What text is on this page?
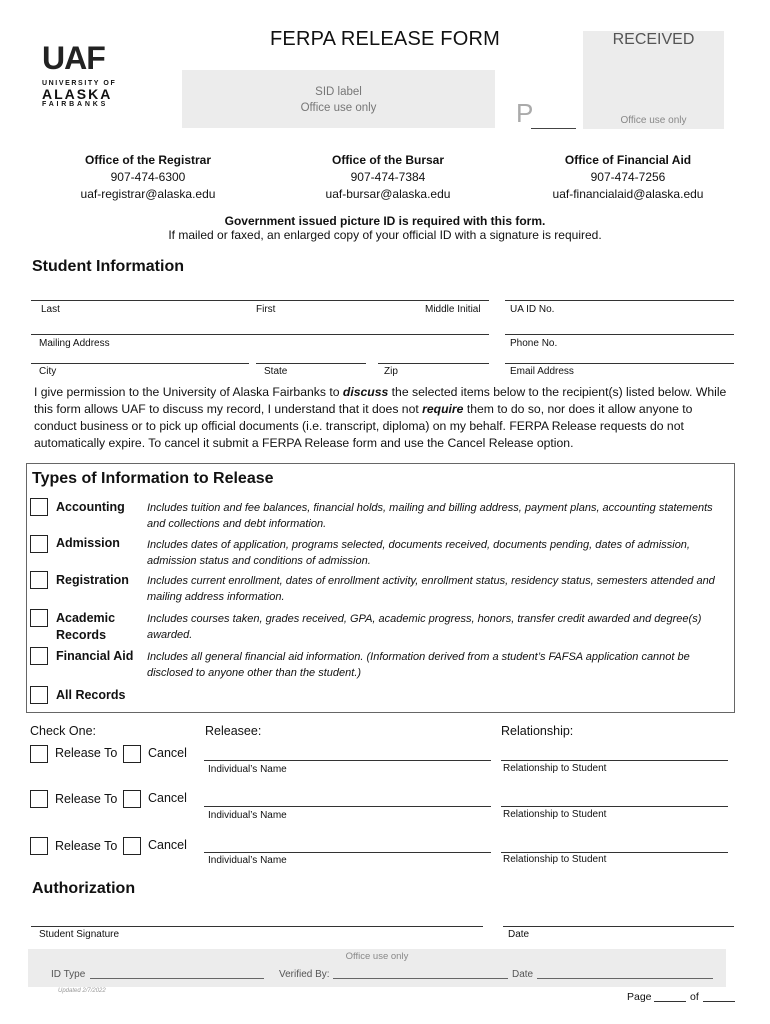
FERPA RELEASE FORM
UAF
UNIVERSITY OF
ALASKA
FAIRBANKS
SID label
Office use only	P
RECEIVED
Office use only
Office of the Registrar
907-474-6300
uaf-registrar@alaska.edu
Office of the Bursar
907-474-7384
uaf-bursar@alaska.edu
Office of Financial Aid
907-474-7256
uaf-financialaid@alaska.edu
Government issued picture ID is required with this form.
If mailed or faxed, an enlarged copy of your official ID with a signature is required.
Student Information
Last	First	Middle Initial	UA ID No.
Mailing Address	Phone No.
City	State	Zip	Email Address
I give permission to the University of Alaska Fairbanks to discuss the selected items below to the recipient(s) listed below. While this form allows UAF to discuss my record, I understand that it does not require them to do so, nor does it allow anyone to conduct business or to pick up official documents (i.e. transcript, diploma) on my behalf. FERPA Release requests do not automatically expire. To cancel it submit a FERPA Release form and use the Cancel Release option.
Types of Information to Release
Accounting Includes tuition and fee balances, financial holds, mailing and billing address, payment plans, accounting statements and collections and debt information.
Admission Includes dates of application, programs selected, documents received, documents pending, dates of admission, admission status and conditions of admission.
Registration Includes current enrollment, dates of enrollment activity, enrollment status, residency status, semesters attended and mailing address information.
Academic Records
Includes courses taken, grades received, GPA, academic progress, honors, transfer credit awarded and degree(s) awarded.
Financial Aid Includes all general financial aid information. (Information derived from a student’s FAFSA application cannot be disclosed to anyone other than the student.)
All Records
Check One:	Releasee:	Relationship:
Release To Cancel
Individual’s Name	Relationship to Student
Release To Cancel
Individual’s Name	Relationship to Student
Release To Cancel
Individual’s Name	Relationship to Student
Authorization
Student Signature	Date
Office use only
ID Type	Verified By:	Date
Updated 2/7/2022	Page	of
